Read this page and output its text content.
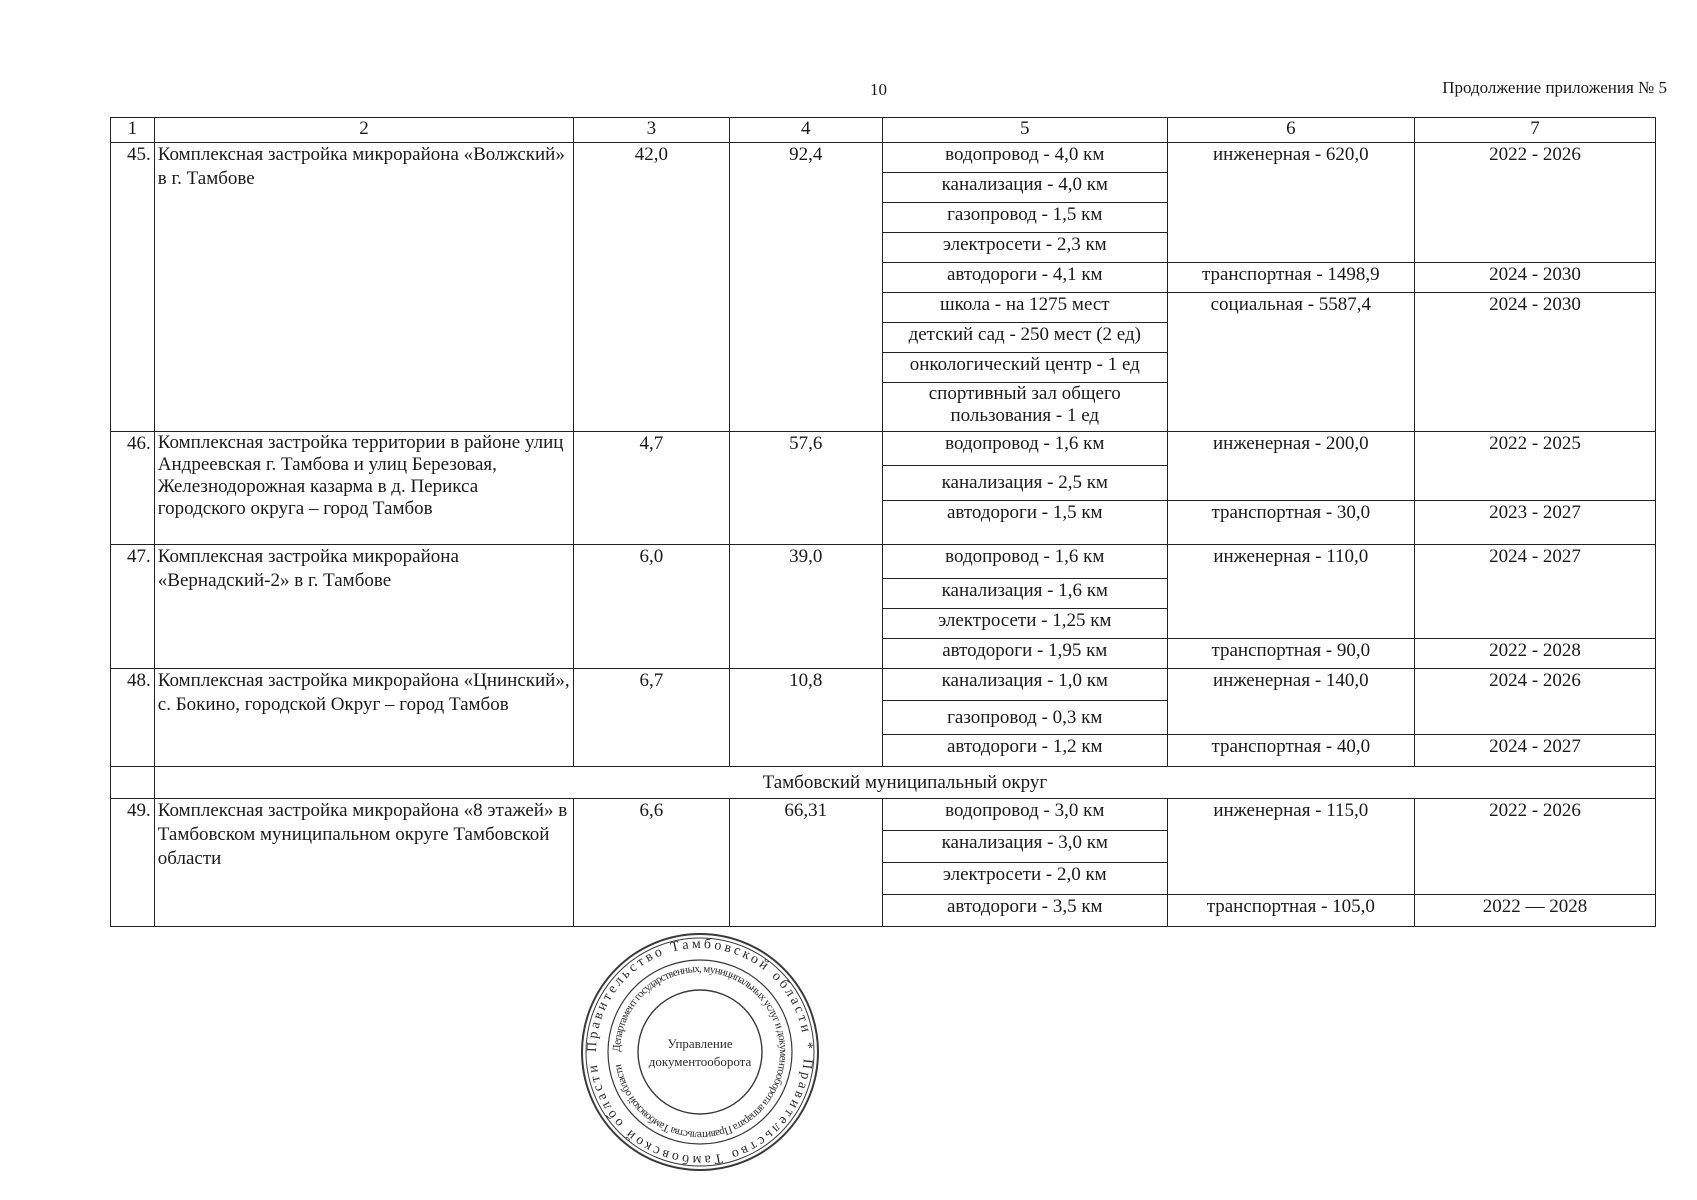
10	Продолжение приложения № 5
1	2	3	4	5	6	7
45.	Комплексная застройка микрорайона «Волжский» в г. Тамбове	42,0	92,4	водопровод - 4,0 км	инженерная - 620,0	2022 - 2026
				канализация - 4,0 км		
				газопровод - 1,5 км		
				электросети - 2,3 км		
				автодороги - 4,1 км	транспортная - 1498,9	2024 - 2030
				школа - на 1275 мест	социальная - 5587,4	2024 - 2030
				детский сад - 250 мест (2 ед)		
				онкологический центр - 1 ед		
				спортивный зал общего пользования - 1 ед		
46.	Комплексная застройка территории в районе улиц Андреевская г. Тамбова и улиц Березовая, Железнодорожная казарма в д. Перикса городского округа – город Тамбов	4,7	57,6	водопровод - 1,6 км	инженерная - 200,0	2022 - 2025
				канализация - 2,5 км		
				автодороги - 1,5 км	транспортная - 30,0	2023 - 2027
47.	Комплексная застройка микрорайона «Вернадский-2» в г. Тамбове	6,0	39,0	водопровод - 1,6 км	инженерная - 110,0	2024 - 2027
				канализация - 1,6 км		
				электросети - 1,25 км		
				автодороги - 1,95 км	транспортная - 90,0	2022 - 2028
48.	Комплексная застройка микрорайона «Цнинский», с. Бокино, городской Округ – город Тамбов	6,7	10,8	канализация - 1,0 км	инженерная - 140,0	2024 - 2026
				газопровод - 0,3 км		
				автодороги - 1,2 км	транспортная - 40,0	2024 - 2027
	Тамбовский муниципальный округ					
49.	Комплексная застройка микрорайона «8 этажей» в Тамбовском муниципальном округе Тамбовской области	6,6	66,31	водопровод - 3,0 км	инженерная - 115,0	2022 - 2026
				канализация - 3,0 км		
				электросети - 2,0 км		
				автодороги - 3,5 км	транспортная - 105,0	2022 — 2028
Правительство Тамбовской области * Правительство Тамбовской области
Департамент государственных, муниципальных услуг и документооборота аппарата Правительства Тамбовской области
Управление
документооборота
